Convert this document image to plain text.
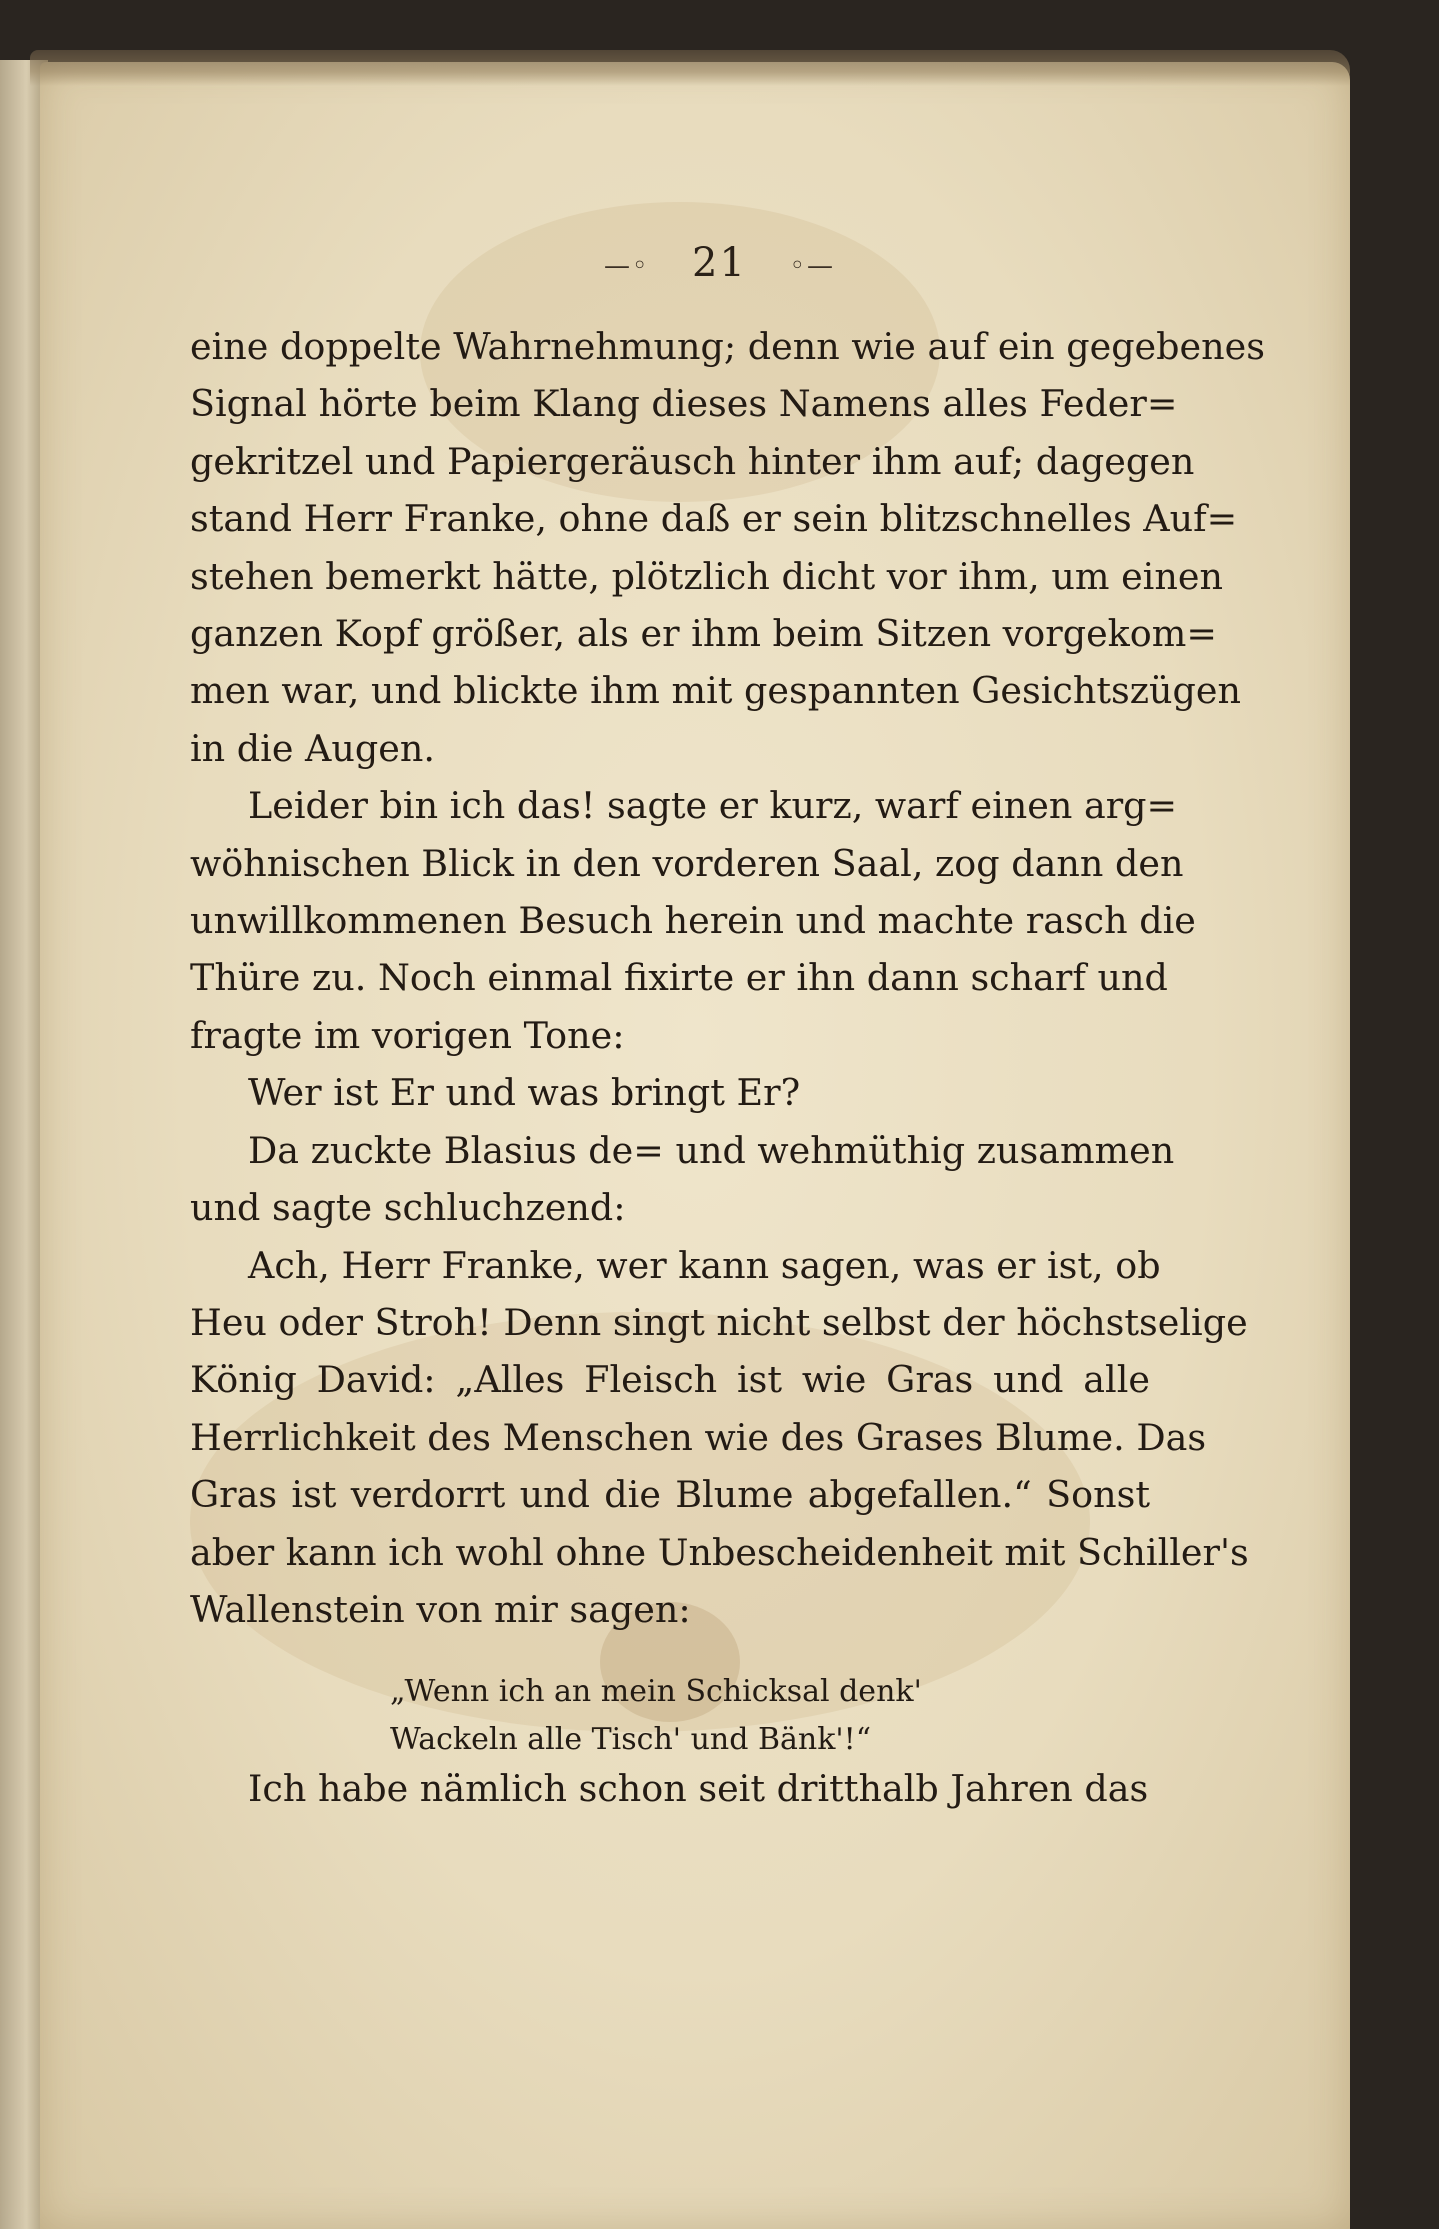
—◦ 21 ◦—
eine doppelte Wahrnehmung; denn wie auf ein gegebenes
Signal hörte beim Klang dieses Namens alles Feder=
gekritzel und Papiergeräusch hinter ihm auf; dagegen
stand Herr Franke, ohne daß er sein blitzschnelles Auf=
stehen bemerkt hätte, plötzlich dicht vor ihm, um einen
ganzen Kopf größer, als er ihm beim Sitzen vorgekom=
men war, und blickte ihm mit gespannten Gesichtszügen
in die Augen.
Leider bin ich das! sagte er kurz, warf einen arg=
wöhnischen Blick in den vorderen Saal, zog dann den
unwillkommenen Besuch herein und machte rasch die
Thüre zu. Noch einmal fixirte er ihn dann scharf und
fragte im vorigen Tone:
Wer ist Er und was bringt Er?
Da zuckte Blasius de= und wehmüthig zusammen
und sagte schluchzend:
Ach, Herr Franke, wer kann sagen, was er ist, ob
Heu oder Stroh! Denn singt nicht selbst der höchstselige
König David: „Alles Fleisch ist wie Gras und alle
Herrlichkeit des Menschen wie des Grases Blume. Das
Gras ist verdorrt und die Blume abgefallen.“ Sonst
aber kann ich wohl ohne Unbescheidenheit mit Schiller's
Wallenstein von mir sagen:
„Wenn ich an mein Schicksal denk'
Wackeln alle Tisch' und Bänk'!“
Ich habe nämlich schon seit dritthalb Jahren das
